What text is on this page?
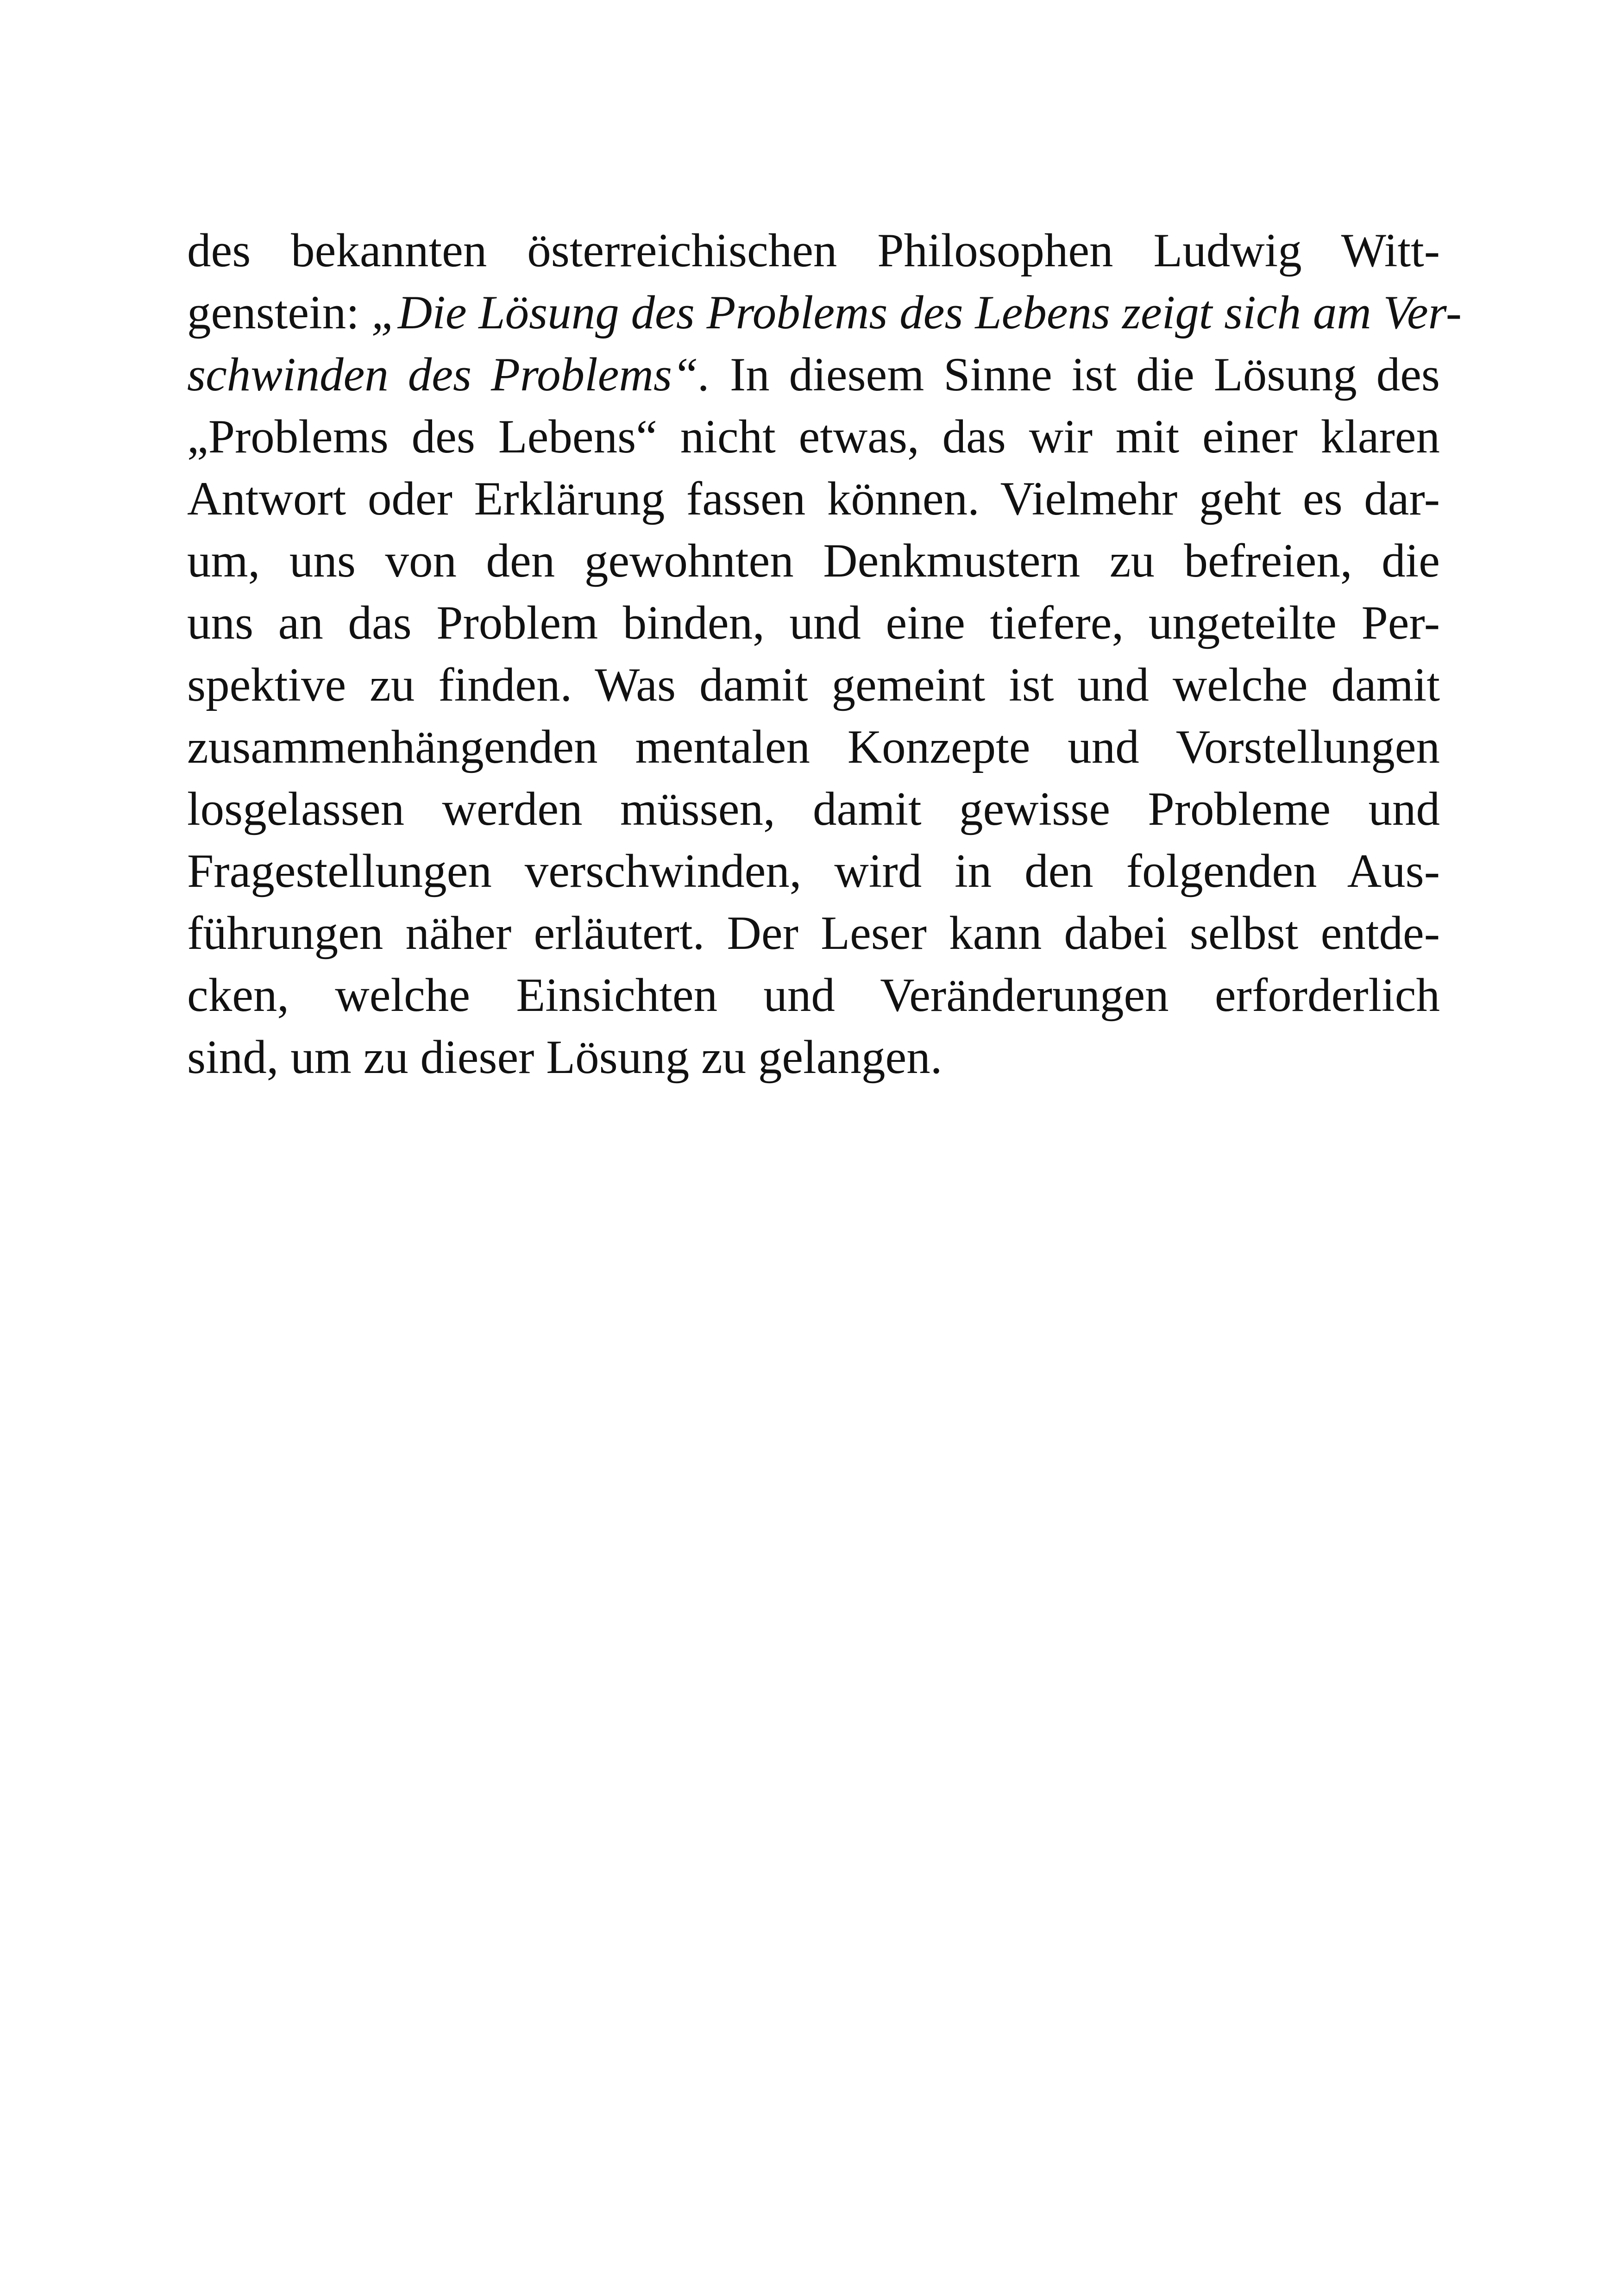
des bekannten österreichischen Philosophen Ludwig Witt-
genstein: „Die Lösung des Problems des Lebens zeigt sich am Ver-
schwinden des Problems“. In diesem Sinne ist die Lösung des
„Problems des Lebens“ nicht etwas, das wir mit einer klaren
Antwort oder Erklärung fassen können. Vielmehr geht es dar-
um, uns von den gewohnten Denkmustern zu befreien, die
uns an das Problem binden, und eine tiefere, ungeteilte Per-
spektive zu finden. Was damit gemeint ist und welche damit
zusammenhängenden mentalen Konzepte und Vorstellungen
losgelassen werden müssen, damit gewisse Probleme und
Fragestellungen verschwinden, wird in den folgenden Aus-
führungen näher erläutert. Der Leser kann dabei selbst entde-
cken, welche Einsichten und Veränderungen erforderlich
sind, um zu dieser Lösung zu gelangen.
